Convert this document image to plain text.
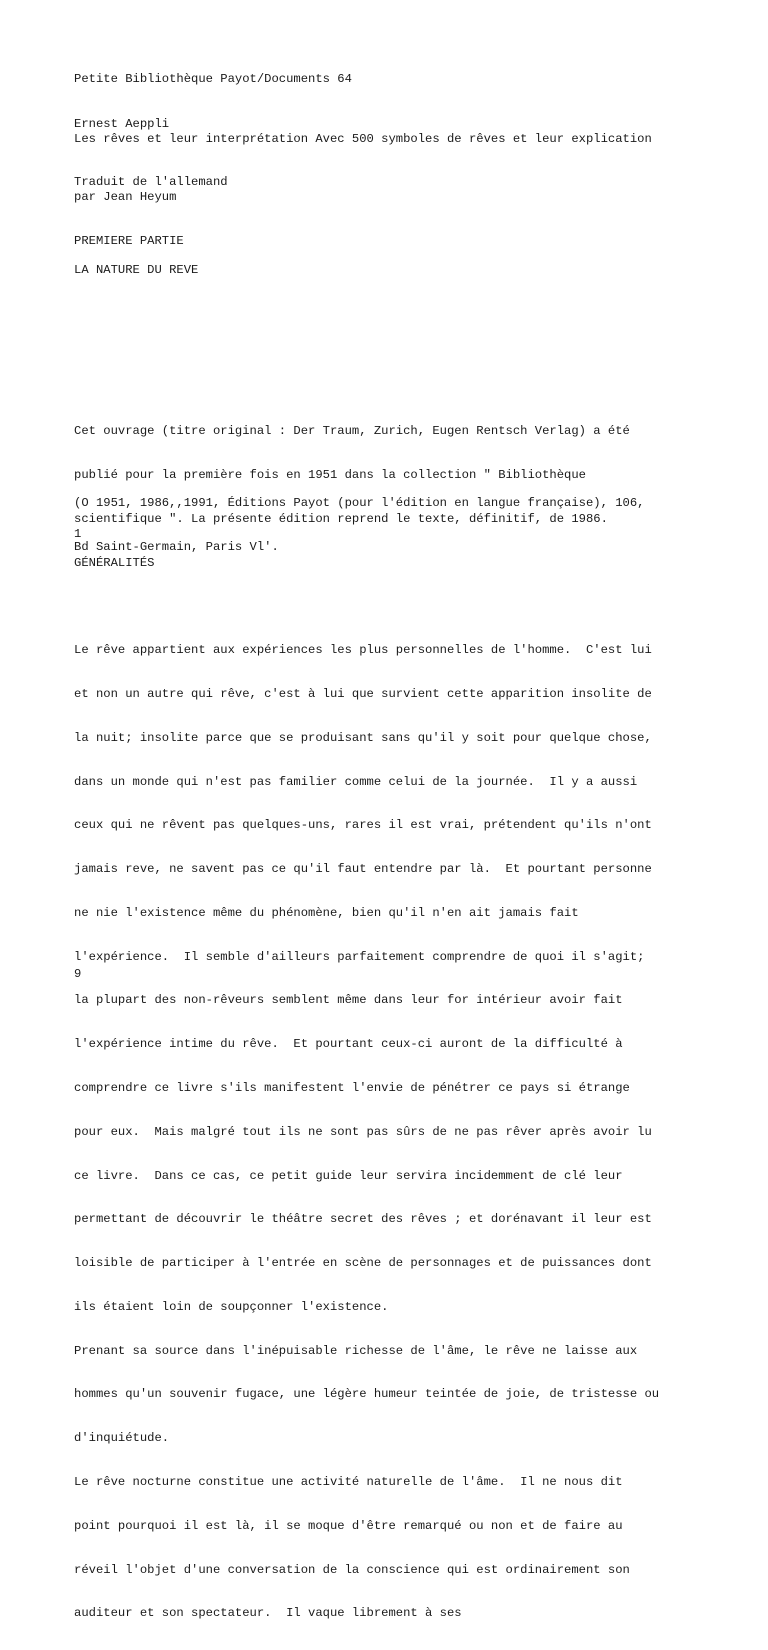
Petite Bibliothèque Payot/Documents 64
Ernest Aeppli
Les rêves et leur interprétation Avec 500 symboles de rêves et leur explication
Traduit de l'allemand
par Jean Heyum
PREMIERE PARTIE
LA NATURE DU REVE

Cet ouvrage (titre original : Der Traum, Zurich, Eugen Rentsch Verlag) a été

publié pour la première fois en 1951 dans la collection " Bibliothèque

scientifique ". La présente édition reprend le texte, définitif, de 1986.

(O 1951, 1986,,1991, Éditions Payot (pour l'édition en langue française), 106,

Bd Saint-Germain, Paris Vl'.

1
GÉNÉRALITÉS

Le rêve appartient aux expériences les plus personnelles de l'homme.  C'est lui

et non un autre qui rêve, c'est à lui que survient cette apparition insolite de

la nuit; insolite parce que se produisant sans qu'il y soit pour quelque chose,

dans un monde qui n'est pas familier comme celui de la journée.  Il y a aussi

ceux qui ne rêvent pas quelques-uns, rares il est vrai, prétendent qu'ils n'ont

jamais reve, ne savent pas ce qu'il faut entendre par là.  Et pourtant personne

ne nie l'existence même du phénomène, bien qu'il n'en ait jamais fait

l'expérience.  Il semble d'ailleurs parfaitement comprendre de quoi il s'agit;

la plupart des non-rêveurs semblent même dans leur for intérieur avoir fait

l'expérience intime du rêve.  Et pourtant ceux-ci auront de la difficulté à

comprendre ce livre s'ils manifestent l'envie de pénétrer ce pays si étrange

pour eux.  Mais malgré tout ils ne sont pas sûrs de ne pas rêver après avoir lu

ce livre.  Dans ce cas, ce petit guide leur servira incidemment de clé leur

permettant de découvrir le théâtre secret des rêves ; et dorénavant il leur est

loisible de participer à l'entrée en scène de personnages et de puissances dont

ils étaient loin de soupçonner l'existence.

Prenant sa source dans l'inépuisable richesse de l'âme, le rêve ne laisse aux

hommes qu'un souvenir fugace, une légère humeur teintée de joie, de tristesse ou

d'inquiétude.

Le rêve nocturne constitue une activité naturelle de l'âme.  Il ne nous dit

point pourquoi il est là, il se moque d'être remarqué ou non et de faire au

réveil l'objet d'une conversation de la conscience qui est ordinairement son

auditeur et son spectateur.  Il vaque librement à ses

9
